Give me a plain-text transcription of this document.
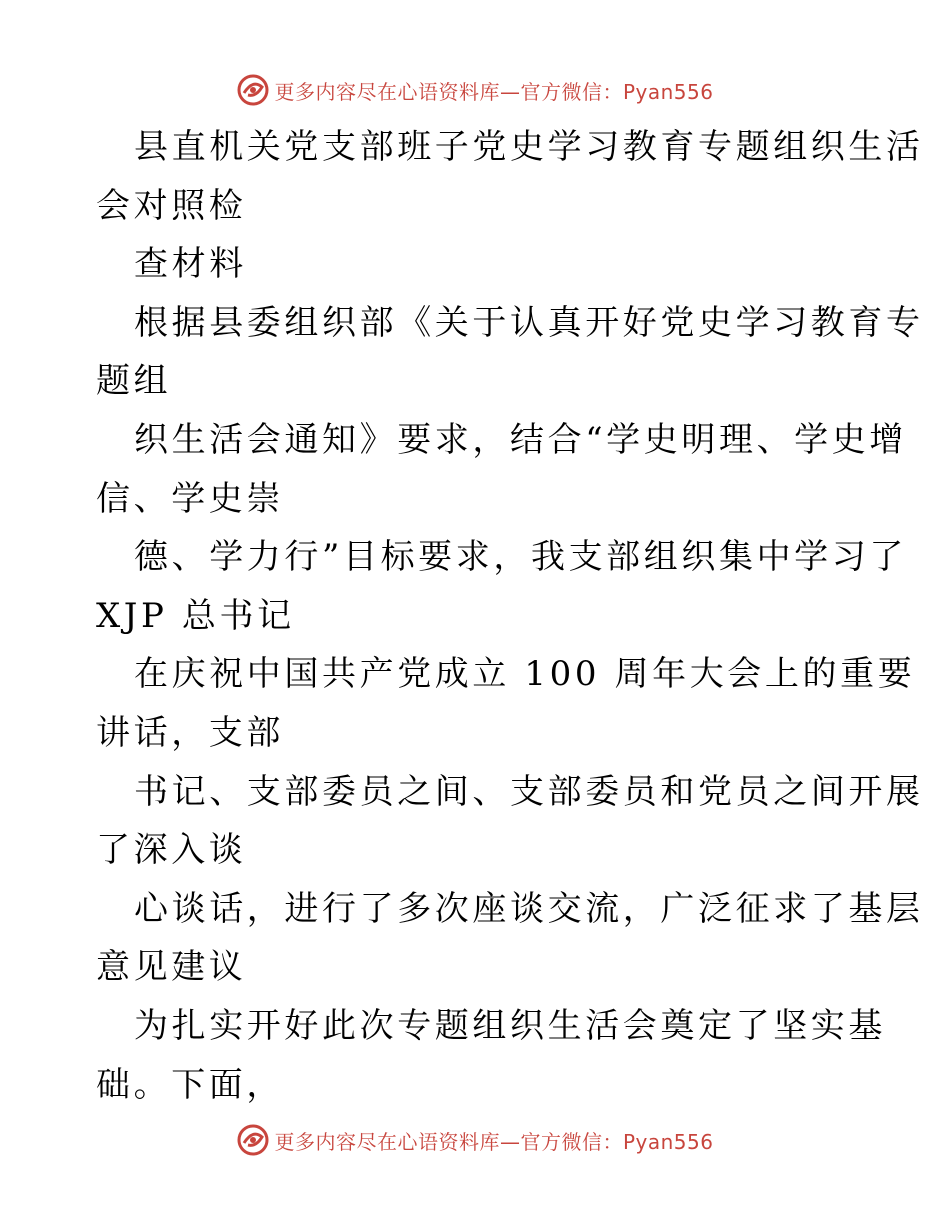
更多内容尽在心语资料库—官方微信：Pyan556
县直机关党支部班子党史学习教育专题组织生活
会对照检
查材料
根据县委组织部《关于认真开好党史学习教育专
题组
织生活会通知》要求，结合“学史明理、学史增
信、学史崇
德、学力行”目标要求，我支部组织集中学习了
XJP 总书记
在庆祝中国共产党成立 100 周年大会上的重要
讲话，支部
书记、支部委员之间、支部委员和党员之间开展
了深入谈
心谈话，进行了多次座谈交流，广泛征求了基层
意见建议
为扎实开好此次专题组织生活会奠定了坚实基
础。下面，
更多内容尽在心语资料库—官方微信：Pyan556
